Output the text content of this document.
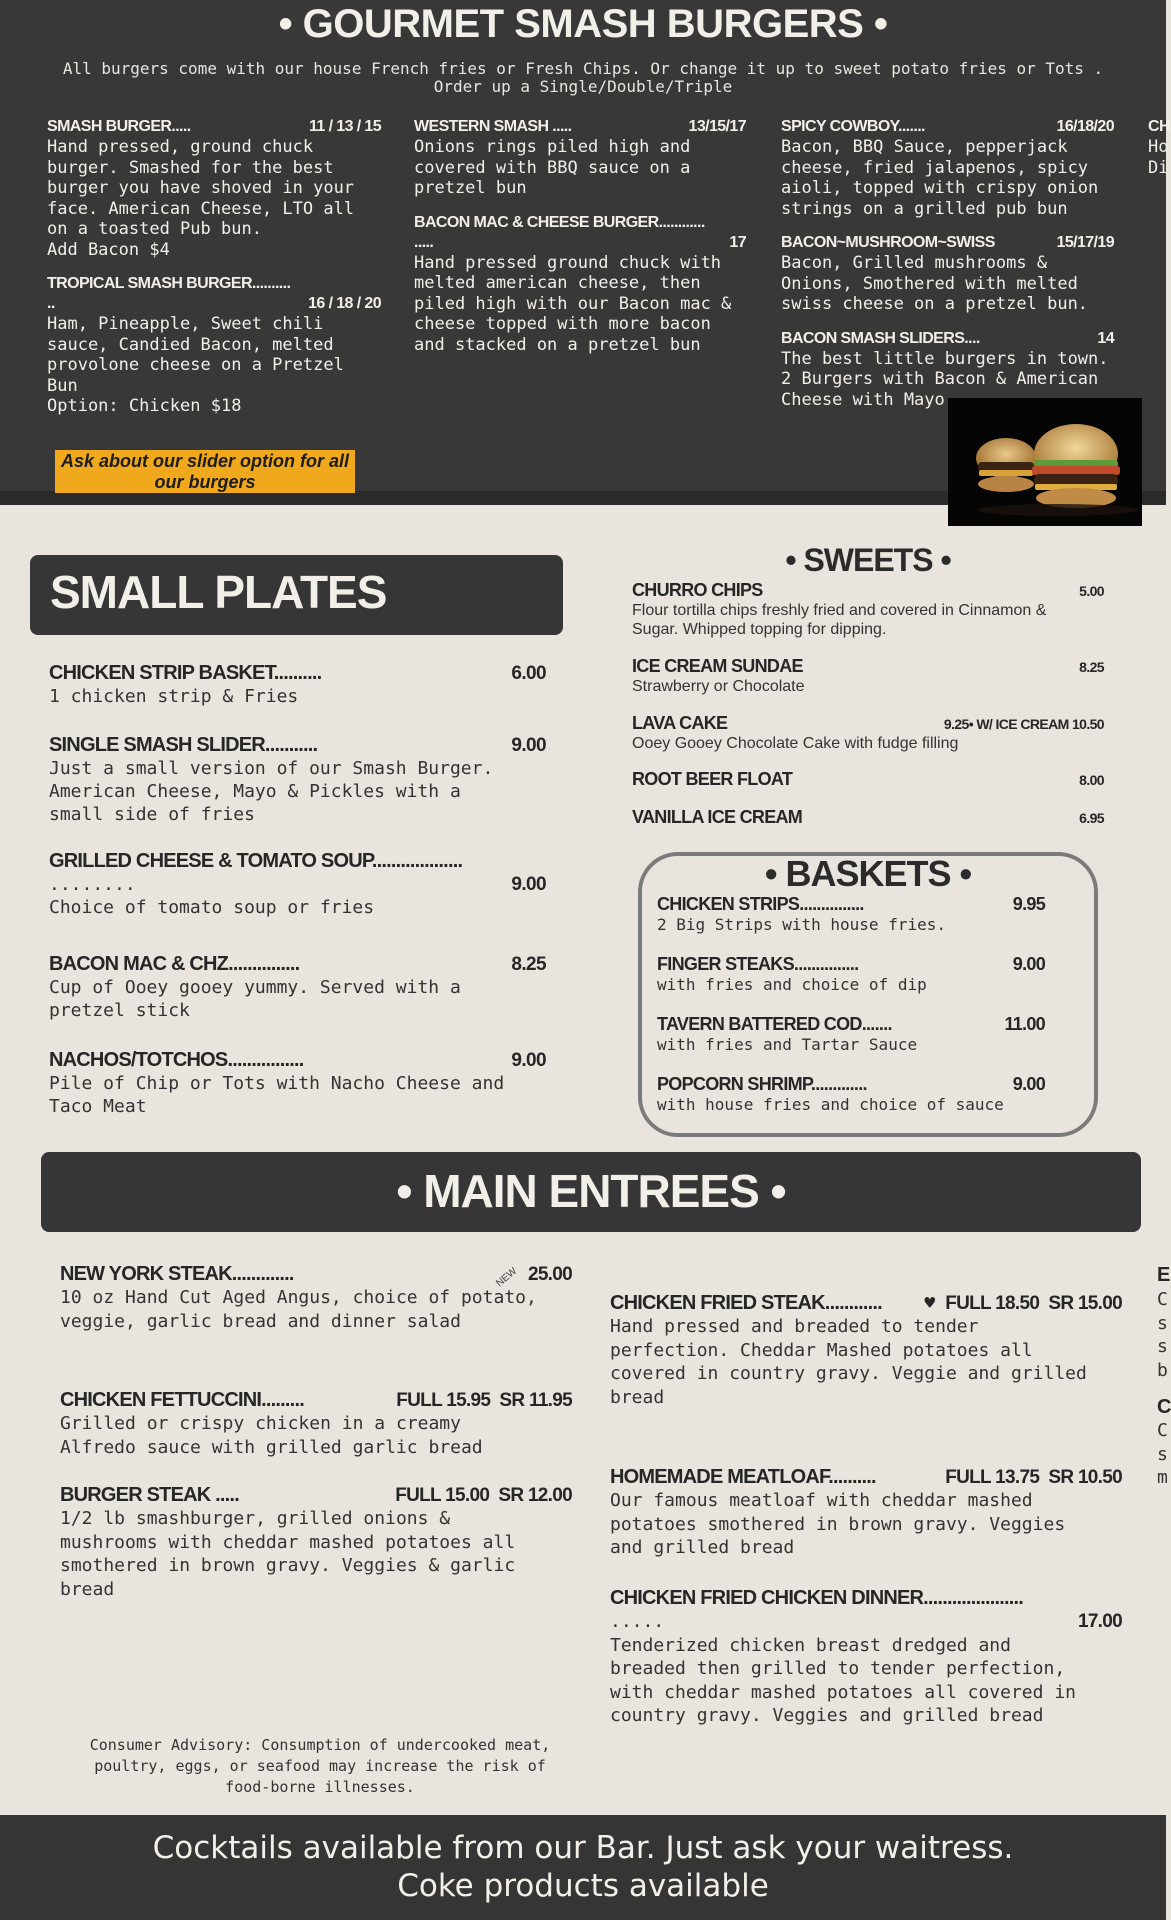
• GOURMET SMASH BURGERS •
All burgers come with our house French fries or Fresh Chips. Or change it up to sweet potato fries or Tots . Order up a Single/Double/Triple
SMASH BURGER.....	11 / 13 / 15
Hand pressed, ground chuck
burger. Smashed for the best
burger you have shoved in your
face. American Cheese, LTO all
on a toasted Pub bun.
Add Bacon $4
TROPICAL SMASH BURGER..........
..	16 / 18 / 20
Ham, Pineapple, Sweet chili
sauce, Candied Bacon, melted
provolone cheese on a Pretzel
Bun
Option: Chicken $18
WESTERN SMASH .....	13/15/17
Onions rings piled high and
covered with BBQ sauce on a
pretzel bun
BACON MAC & CHEESE BURGER............
.....	17
Hand pressed ground chuck with
melted american cheese, then
piled high with our Bacon mac &
cheese topped with more bacon
and stacked on a pretzel bun
SPICY COWBOY.......	16/18/20
Bacon, BBQ Sauce, pepperjack
cheese, fried jalapenos, spicy
aioli, topped with crispy onion
strings on a grilled pub bun
BACON~MUSHROOM~SWISS	15/17/19
Bacon, Grilled mushrooms &
Onions, Smothered with melted
swiss cheese on a pretzel bun.
BACON SMASH SLIDERS....	14
The best little burgers in town.
2 Burgers with Bacon & American
Cheese with Mayo
CH
Ho
Di
Ask about our slider option for all our burgers
SMALL PLATES
CHICKEN STRIP BASKET..........	6.00
1 chicken strip & Fries
SINGLE SMASH SLIDER...........	9.00
Just a small version of our Smash Burger.
American Cheese, Mayo & Pickles with a
small side of fries
GRILLED CHEESE & TOMATO SOUP...................
........	9.00
Choice of tomato soup or fries
BACON MAC & CHZ...............	8.25
Cup of Ooey gooey yummy. Served with a
pretzel stick
NACHOS/TOTCHOS................	9.00
Pile of Chip or Tots with Nacho Cheese and
Taco Meat
• SWEETS •
CHURRO CHIPS	5.00
Flour tortilla chips freshly fried and covered in Cinnamon & Sugar. Whipped topping for dipping.
ICE CREAM SUNDAE	8.25
Strawberry or Chocolate
LAVA CAKE	9.25• W/ ICE CREAM 10.50
Ooey Gooey Chocolate Cake with fudge filling
ROOT BEER FLOAT	8.00
VANILLA ICE CREAM	6.95
• BASKETS •
CHICKEN STRIPS...............	9.95
2 Big Strips with house fries.
FINGER STEAKS...............	9.00
with fries and choice of dip
TAVERN BATTERED COD.......	11.00
with fries and Tartar Sauce
POPCORN SHRIMP.............	9.00
with house fries and choice of sauce
• MAIN ENTREES •
NEW YORK STEAK.............	NEW 25.00
10 oz Hand Cut Aged Angus, choice of potato,
veggie, garlic bread and dinner salad
CHICKEN FETTUCCINI.........	FULL 15.95  SR 11.95
Grilled or crispy chicken in a creamy
Alfredo sauce with grilled garlic bread
BURGER STEAK .....	FULL 15.00  SR 12.00
1/2 lb smashburger, grilled onions &
mushrooms with cheddar mashed potatoes all
smothered in brown gravy. Veggies & garlic
bread
CHICKEN FRIED STEAK............ ♥ FULL 18.50  SR 15.00
Hand pressed and breaded to tender
perfection. Cheddar Mashed potatoes all
covered in country gravy. Veggie and grilled
bread
HOMEMADE MEATLOAF..........	FULL 13.75  SR 10.50
Our famous meatloaf with cheddar mashed
potatoes smothered in brown gravy. Veggies
and grilled bread
CHICKEN FRIED CHICKEN DINNER.....................
.....	17.00
Tenderized chicken breast dredged and
breaded then grilled to tender perfection,
with cheddar mashed potatoes all covered in
country gravy. Veggies and grilled bread
E
C
s
s
b
C
C
s
m
Consumer Advisory: Consumption of undercooked meat, poultry, eggs, or seafood may increase the risk of food-borne illnesses.
Cocktails available from our Bar. Just ask your waitress.
Coke products available
